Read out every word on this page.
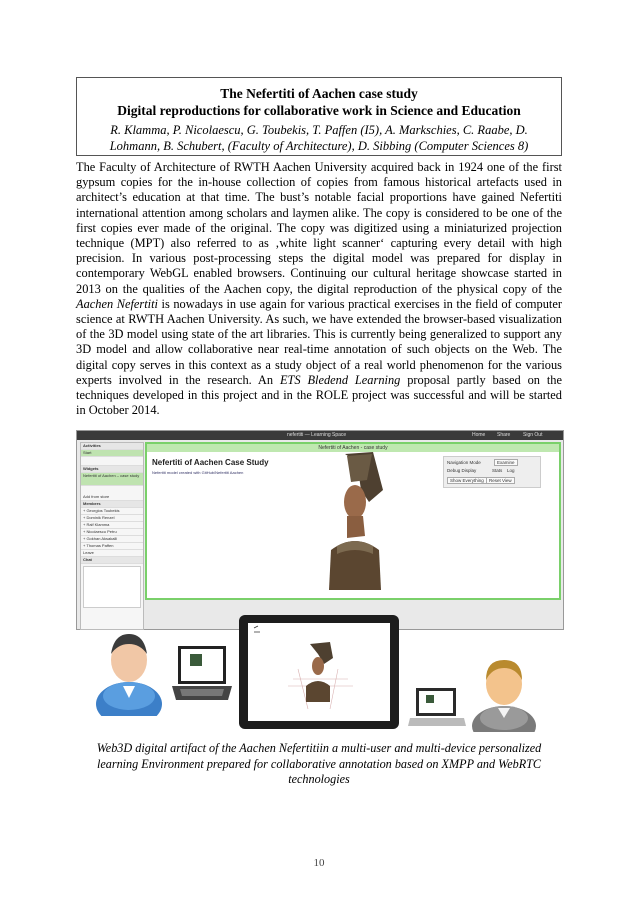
The Nefertiti of Aachen case study
Digital reproductions for collaborative work in Science and Education
R. Klamma, P. Nicolaescu, G. Toubekis, T. Paffen (I5), A. Markschies, C. Raabe, D.
Lohmann, B. Schubert, (Faculty of Architecture), D. Sibbing (Computer Sciences 8)

The Faculty of Architecture of RWTH Aachen University acquired back in 1924 one of the first gypsum copies for the in-house collection of copies from famous historical artefacts used in architect’s education at that time. The bust’s notable facial proportions have gained Nefertiti international attention among scholars and laymen alike. The copy is considered to be one of the first copies ever made of the original. The copy was digitized using a miniaturized projection technique (MPT) also referred to as ‚white light scanner‘ capturing every detail with high precision. In various post-processing steps the digital model was prepared for display in contemporary WebGL enabled browsers. Continuing our cultural heritage showcase started in 2013 on the qualities of the Aachen copy, the digital reproduction of the physical copy of the Aachen Nefertiti is nowadays in use again for various practical exercises in the field of computer science at RWTH Aachen University. As such, we have extended the browser-based visualization of the 3D model using state of the art libraries. This is currently being generalized to support any 3D model and allow collaborative near real-time annotation of such objects on the Web. The digital copy serves in this context as a study object of a real world phenomenon for the various experts involved in the research. An ETS Bledend Learning proposal partly based on the techniques developed in this project and in the ROLE project was successful and will be started in October 2014.

nefertiti — Learning Space	Home Share	Sign Out
Activities
Start
Widgets
Nefertiti of Aachen – case study
Add from store
Members
+ Georgios Toubekis
+ Dominik Renzel
+ Ralf Klamma
+ Nicolaescu Petru
+ Gokhan Aksakalli
+ Thomas Paffen
Leave
Chat
Nefertiti of Aachen - case study
Nefertiti of Aachen Case Study
Nefertiti model created with GitHub/Nefertiti Aachen
Navigation Mode	Examine
Debug Display	Stats Log
Show Everything	Reset View
Web3D digital artifact of the Aachen Nefertitiin a multi-user and multi-device personalized
learning Environment prepared for collaborative annotation based on XMPP and WebRTC
technologies
10
